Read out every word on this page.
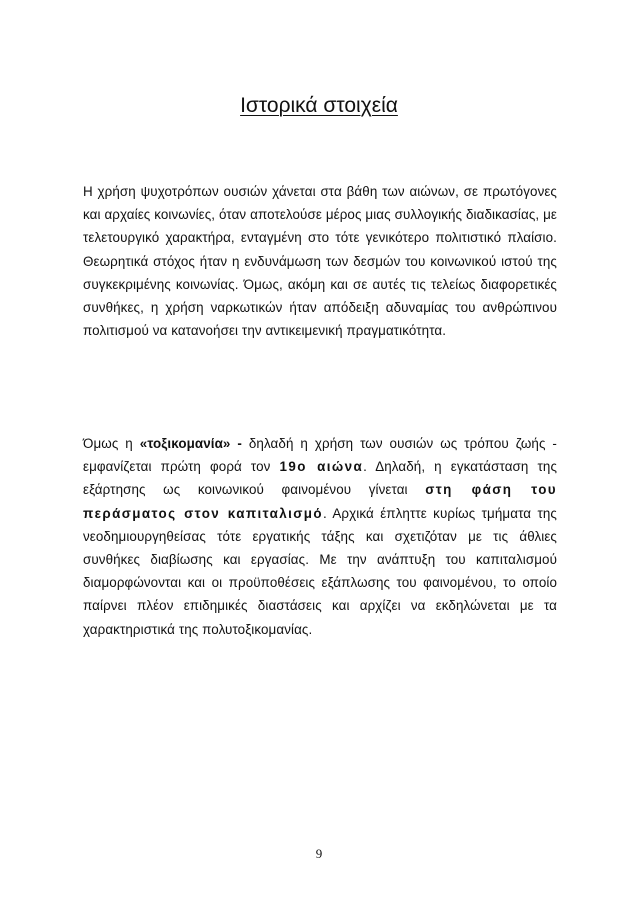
Ιστορικά στοιχεία

Η χρήση ψυχοτρόπων ουσιών χάνεται στα βάθη των αιώνων, σε πρωτόγονες και αρχαίες κοινωνίες, όταν αποτελούσε μέρος μιας συλλογικής διαδικασίας, με τελετουργικό χαρακτήρα, ενταγμένη στο τότε γενικότερο πολιτιστικό πλαίσιο. Θεωρητικά στόχος ήταν η ενδυνάμωση των δεσμών του κοινωνικού ιστού της συγκεκριμένης κοινωνίας. Όμως, ακόμη και σε αυτές τις τελείως διαφορετικές συνθήκες, η χρήση ναρκωτικών ήταν απόδειξη αδυναμίας του ανθρώπινου πολιτισμού να κατανοήσει την αντικειμενική πραγματικότητα.

Όμως η «τοξικομανία» - δηλαδή η χρήση των ουσιών ως τρόπου ζωής - εμφανίζεται πρώτη φορά τον 19ο αιώνα. Δηλαδή, η εγκατάσταση της εξάρτησης ως κοινωνικού φαινομένου γίνεται στη φάση του περάσματος στον καπιταλισμό. Αρχικά έπληττε κυρίως τμήματα της νεοδημιουργηθείσας τότε εργατικής τάξης και σχετιζόταν με τις άθλιες συνθήκες διαβίωσης και εργασίας. Με την ανάπτυξη του καπιταλισμού διαμορφώνονται και οι προϋποθέσεις εξάπλωσης του φαινομένου, το οποίο παίρνει πλέον επιδημικές διαστάσεις και αρχίζει να εκδηλώνεται με τα χαρακτηριστικά της πολυτοξικομανίας.

9
